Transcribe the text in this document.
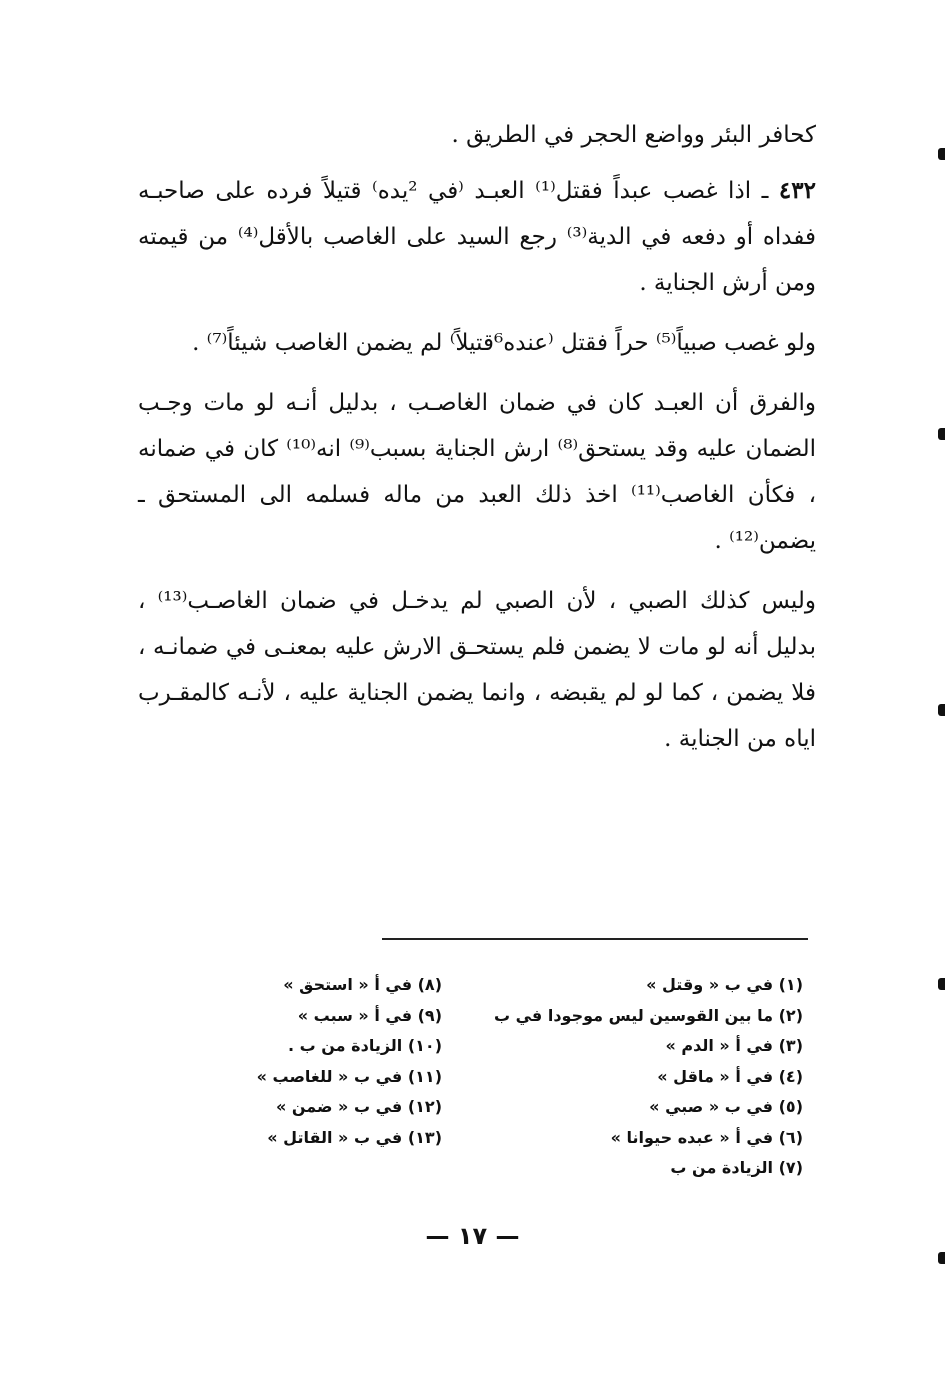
كحافر البئر وواضع الحجر في الطريق .

٤٣٢ ـ اذا غصب عبداً فقتل⁽¹⁾ العبـد ⁽في ²يده⁾ قتيلاً فرده على صاحبـه ففداه أو دفعه في الدية⁽³⁾ رجع السيد على الغاصب بالأقل⁽⁴⁾ من قيمته ومن أرش الجناية .

ولو غصب صبياً⁽⁵⁾ حراً فقتل ⁽عنده⁶قتيلاً⁾ لم يضمن الغاصب شيئاً⁽⁷⁾ .

والفرق أن العبـد كان في ضمان الغاصـب ، بدليل أنـه لو مات وجـب الضمان عليه وقد يستحق⁽⁸⁾ ارش الجناية بسبب⁽⁹⁾ انه⁽¹⁰⁾ كان في ضمانه ، فكأن الغاصب⁽¹¹⁾ اخذ ذلك العبد من ماله فسلمه الى المستحق ـ يضمن⁽¹²⁾ .

وليس كذلك الصبي ، لأن الصبي لم يدخـل في ضمان الغاصـب⁽¹³⁾ ، بدليل أنه لو مات لا يضمن فلم يستحـق الارش عليه بمعنـى في ضمانـه ، فلا يضمن ، كما لو لم يقبضه ، وانما يضمن الجناية عليه ، لأنـه كالمقـرب اياه من الجناية .

(١) في ب « وقتل »
(٢) ما بين القوسين ليس موجودا في ب
(٣) في أ « الدم »
(٤) في أ « ماقل »
(٥) في ب « صبي »
(٦) في أ « عبده حيوانا »
(٧) الزيادة من ب
(٨) في أ « استحق »
(٩) في أ « سبب »
(١٠) الزيادة من ب .
(١١) في ب « للغاصب »
(١٢) في ب « ضمن »
(١٣) في ب « القاتل »
— ١٧ —
